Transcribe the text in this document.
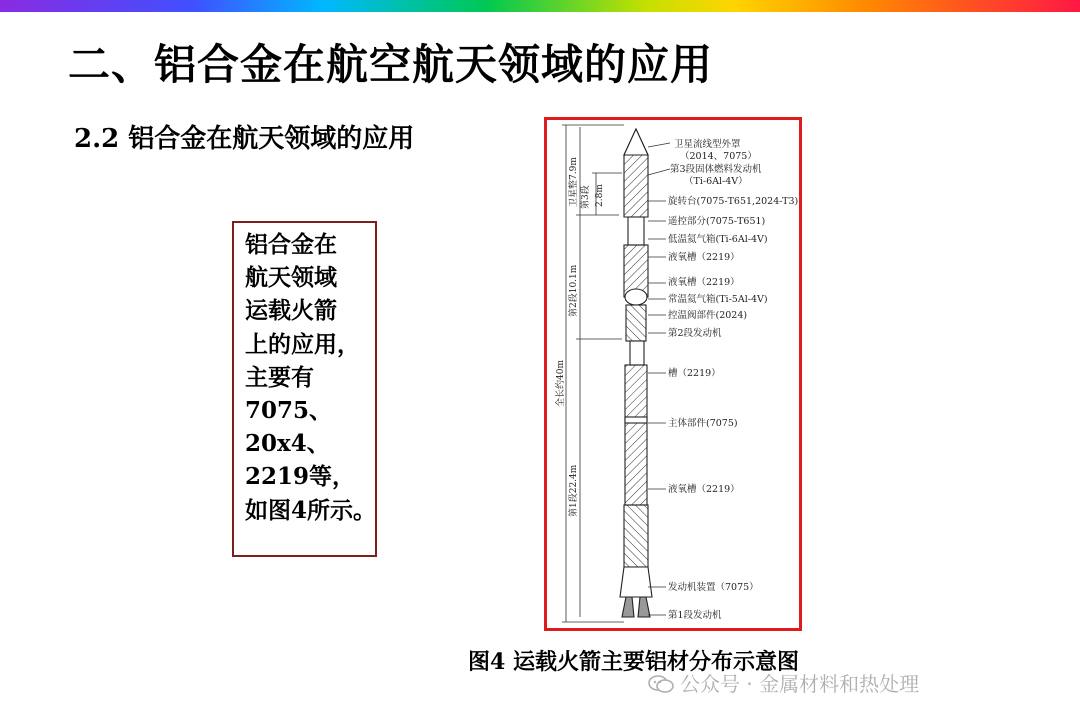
二、铝合金在航空航天领域的应用
2.2 铝合金在航天领域的应用
铝合金在
航天领域
运载火箭
上的应用，
主要有
7075、
20x4、
2219等，
如图4所示。
卫星整7.9m 第3段 2.8m
第2段10.1m
全长约40m
第1段22.4m
卫星流线型外罩
（2014、7075）
第3段固体燃料发动机
（Ti-6Al-4V）
旋转台(7075-T651,2024-T3)
遥控部分(7075-T651)
低温氦气箱(Ti-6Al-4V)
液氧槽（2219）
液氧槽（2219）
常温氦气箱(Ti-5Al-4V)
控温阀部件(2024)
第2段发动机
槽（2219）
主体部件(7075)
液氧槽（2219）
发动机装置（7075）
第1段发动机
图4 运载火箭主要铝材分布示意图
公众号 · 金属材料和热处理
